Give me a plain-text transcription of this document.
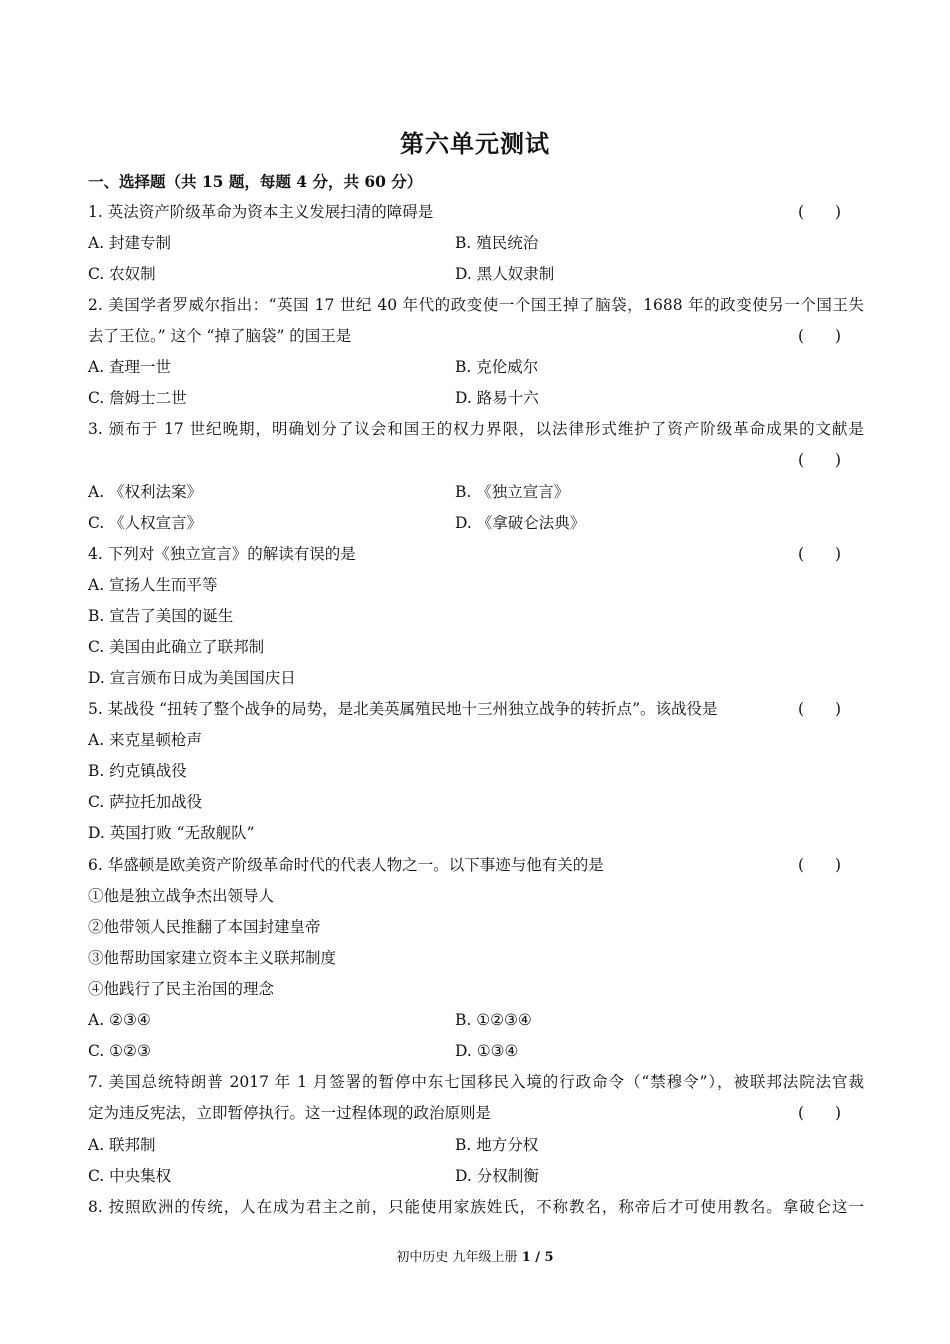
第六单元测试
一、选择题（共 15 题，每题 4 分，共 60 分）
1. 英法资产阶级革命为资本主义发展扫清的障碍是	(　　)
A. 封建专制	B. 殖民统治
C. 农奴制	D. 黑人奴隶制
2. 美国学者罗威尔指出：“英国 17 世纪 40 年代的政变使一个国王掉了脑袋，1688 年的政变使另一个国王失
去了王位。” 这个 “掉了脑袋” 的国王是	(　　)
A. 查理一世	B. 克伦威尔
C. 詹姆士二世	D. 路易十六
3. 颁布于 17 世纪晚期，明确划分了议会和国王的权力界限，以法律形式维护了资产阶级革命成果的文献是
(　　)
A. 《权利法案》	B. 《独立宣言》
C. 《人权宣言》	D. 《拿破仑法典》
4. 下列对《独立宣言》的解读有误的是	(　　)
A. 宣扬人生而平等
B. 宣告了美国的诞生
C. 美国由此确立了联邦制
D. 宣言颁布日成为美国国庆日
5. 某战役 “扭转了整个战争的局势，是北美英属殖民地十三州独立战争的转折点”。该战役是	(　　)
A. 来克星顿枪声
B. 约克镇战役
C. 萨拉托加战役
D. 英国打败 “无敌舰队”
6. 华盛顿是欧美资产阶级革命时代的代表人物之一。以下事迹与他有关的是	(　　)
①他是独立战争杰出领导人
②他带领人民推翻了本国封建皇帝
③他帮助国家建立资本主义联邦制度
④他践行了民主治国的理念
A. ②③④	B. ①②③④
C. ①②③	D. ①③④
7. 美国总统特朗普 2017 年 1 月签署的暂停中东七国移民入境的行政命令（“禁穆令”），被联邦法院法官裁
定为违反宪法，立即暂停执行。这一过程体现的政治原则是	(　　)
A. 联邦制	B. 地方分权
C. 中央集权	D. 分权制衡
8. 按照欧洲的传统，人在成为君主之前，只能使用家族姓氏，不称教名，称帝后才可使用教名。拿破仑这一
初中历史 九年级上册 1 / 5
